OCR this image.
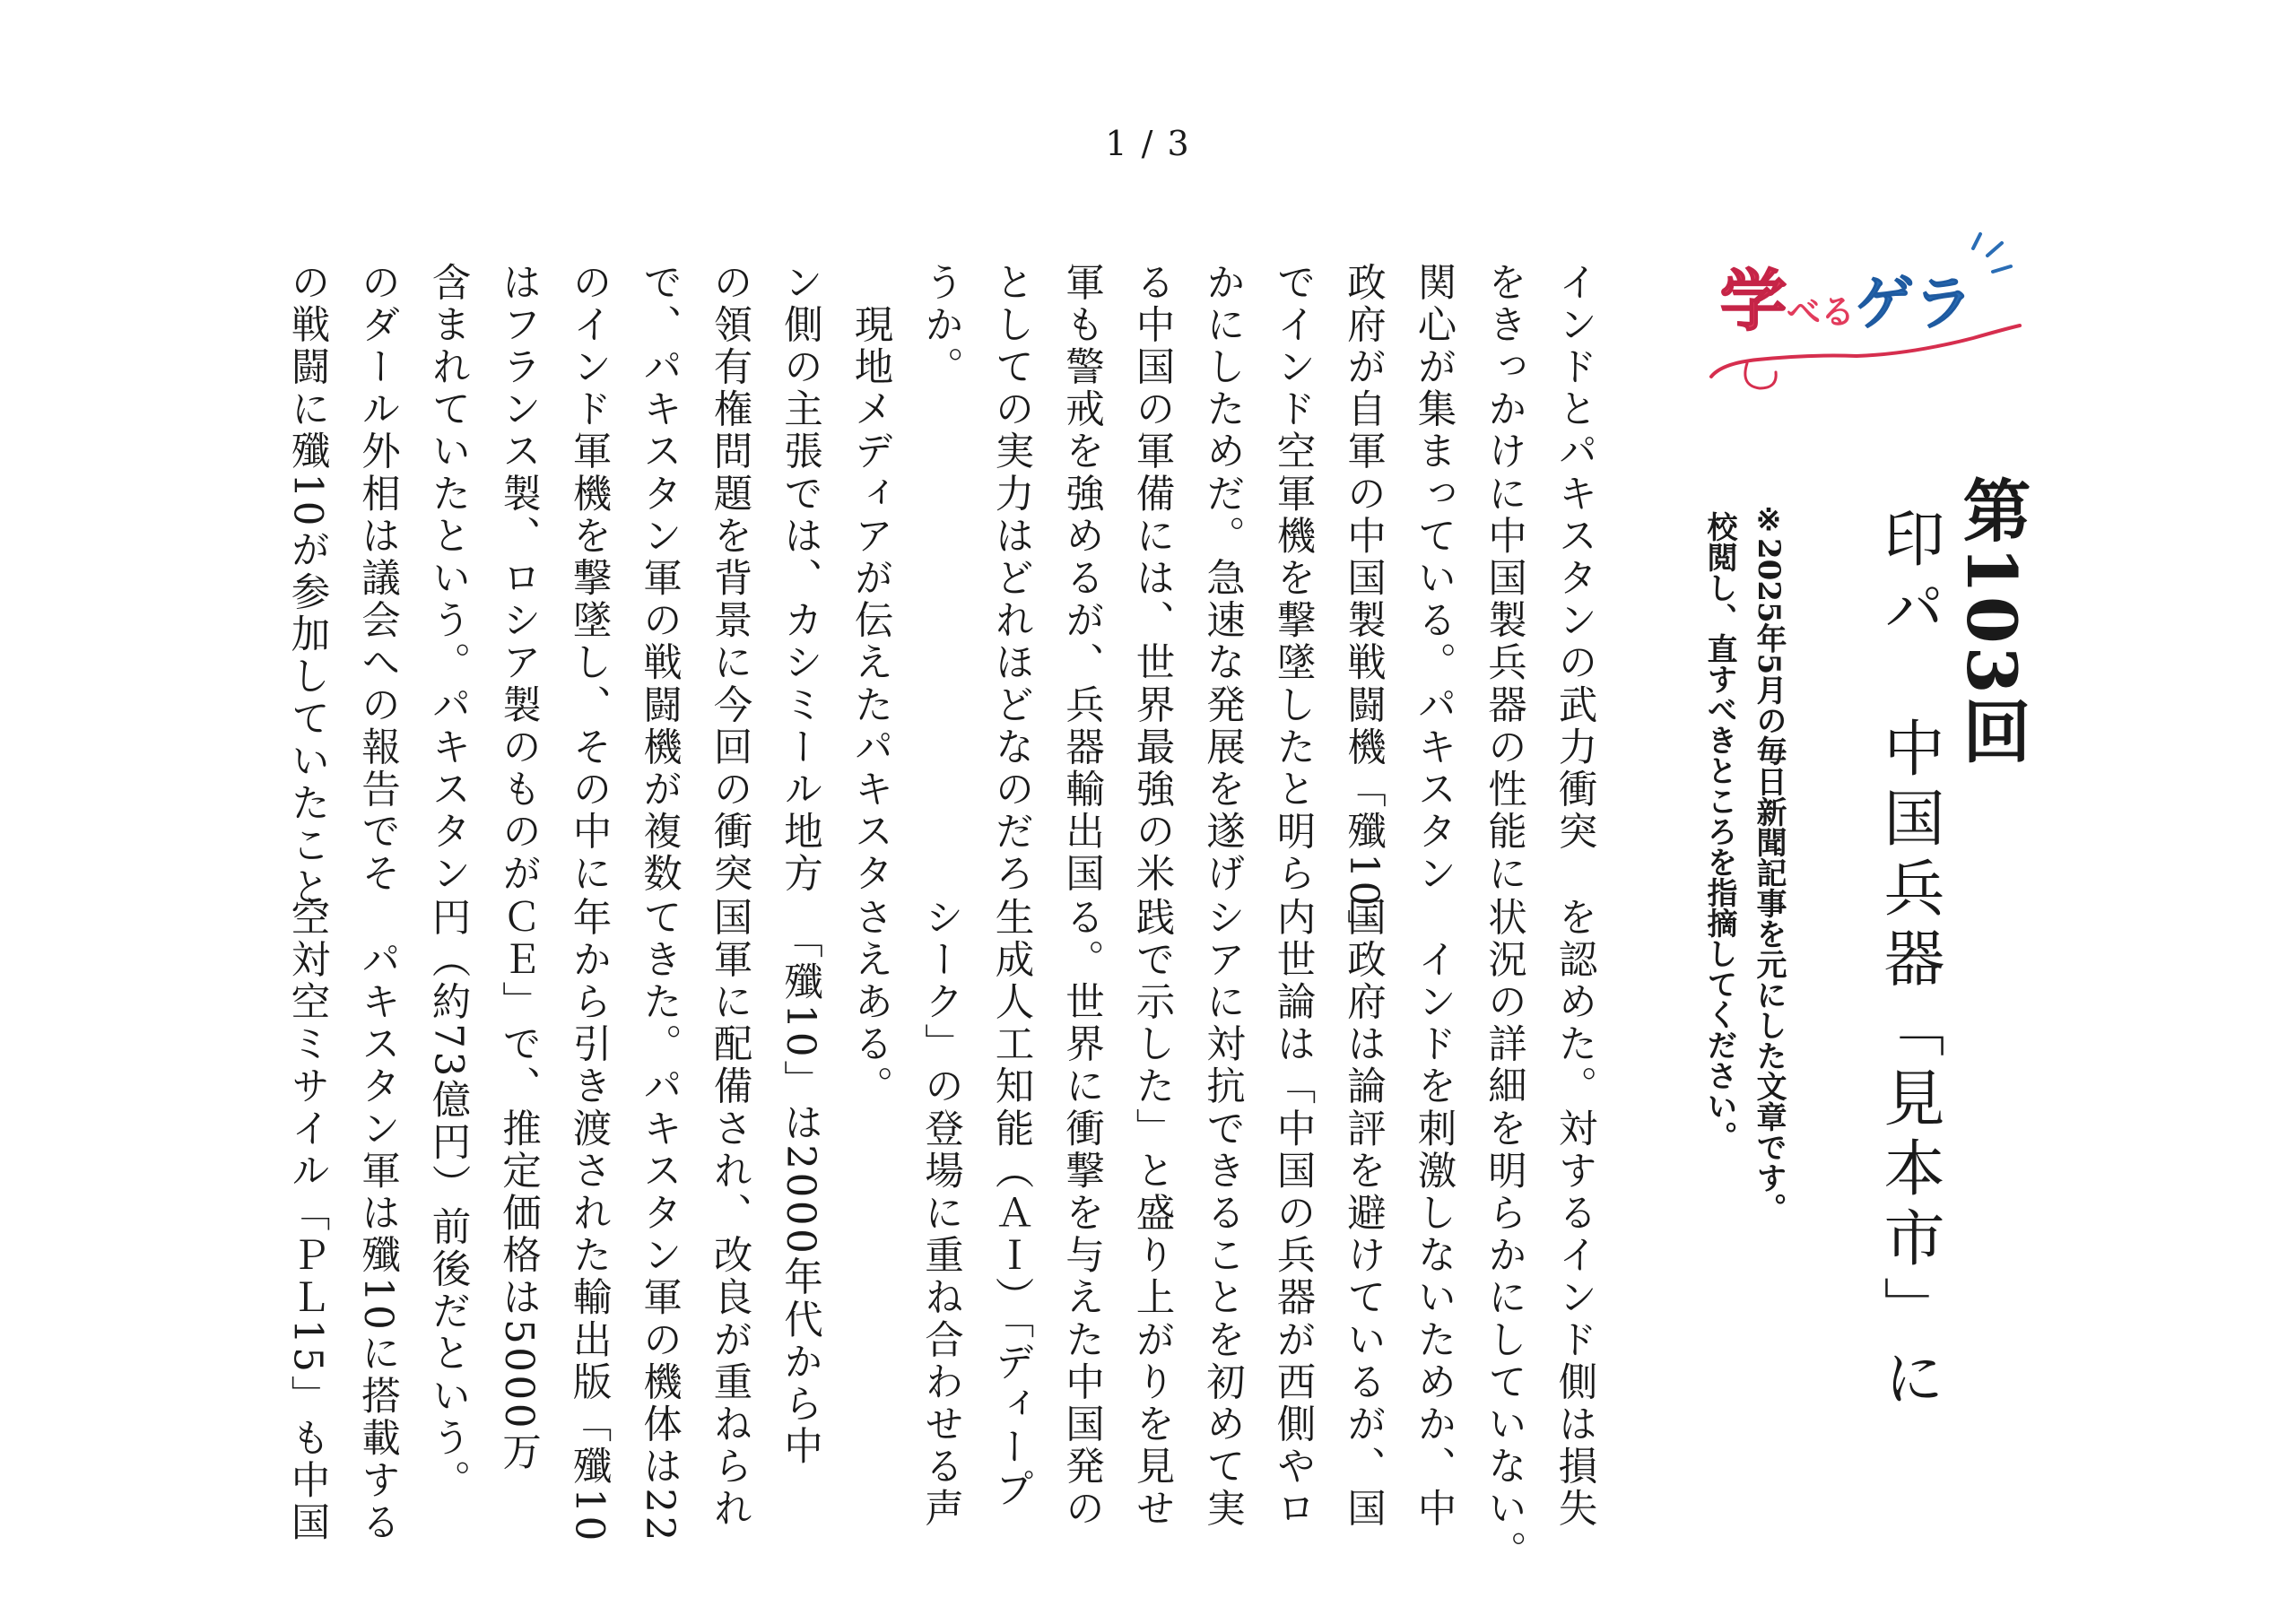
1 / 3
学べるゲラ
第103回
印パ　中国兵器「見本市」に
※2025年5月の毎日新聞記事を元にした文章です。
校閲し、直すべきところを指摘してください。
インドとパキスタンの武力衝突
をきっかけに中国製兵器の性能に
関心が集まっている。パキスタン
政府が自軍の中国製戦闘機「殲10」
でインド空軍機を撃墜したと明ら
かにしためだ。急速な発展を遂げ
る中国の軍備には、世界最強の米
軍も警戒を強めるが、兵器輸出国
としての実力はどれほどなのだろ
うか。
　現地メディアが伝えたパキスタ
ン側の主張では、カシミール地方
の領有権問題を背景に今回の衝突
で、パキスタン軍の戦闘機が複数
のインド軍機を撃墜し、その中に
はフランス製、ロシア製のものが
含まれていたという。パキスタン
のダール外相は議会への報告でそ
の戦闘に殲10が参加していたこと
を認めた。対するインド側は損失
状況の詳細を明らかにしていない。
　インドを刺激しないためか、中
国政府は論評を避けているが、国
内世論は「中国の兵器が西側やロ
シアに対抗できることを初めて実
践で示した」と盛り上がりを見せ
る。世界に衝撃を与えた中国発の
生成人工知能（ＡＩ）「ディープ
シーク」の登場に重ね合わせる声
さえある。
　「殲10」は2000年代から中
国軍に配備され、改良が重ねられ
てきた。パキスタン軍の機体は22
年から引き渡された輸出版「殲10
ＣＥ」で、推定価格は5000万
円（約73億円）前後だという。
　パキスタン軍は殲10に搭載する
空対空ミサイル「ＰＬ15」も中国
